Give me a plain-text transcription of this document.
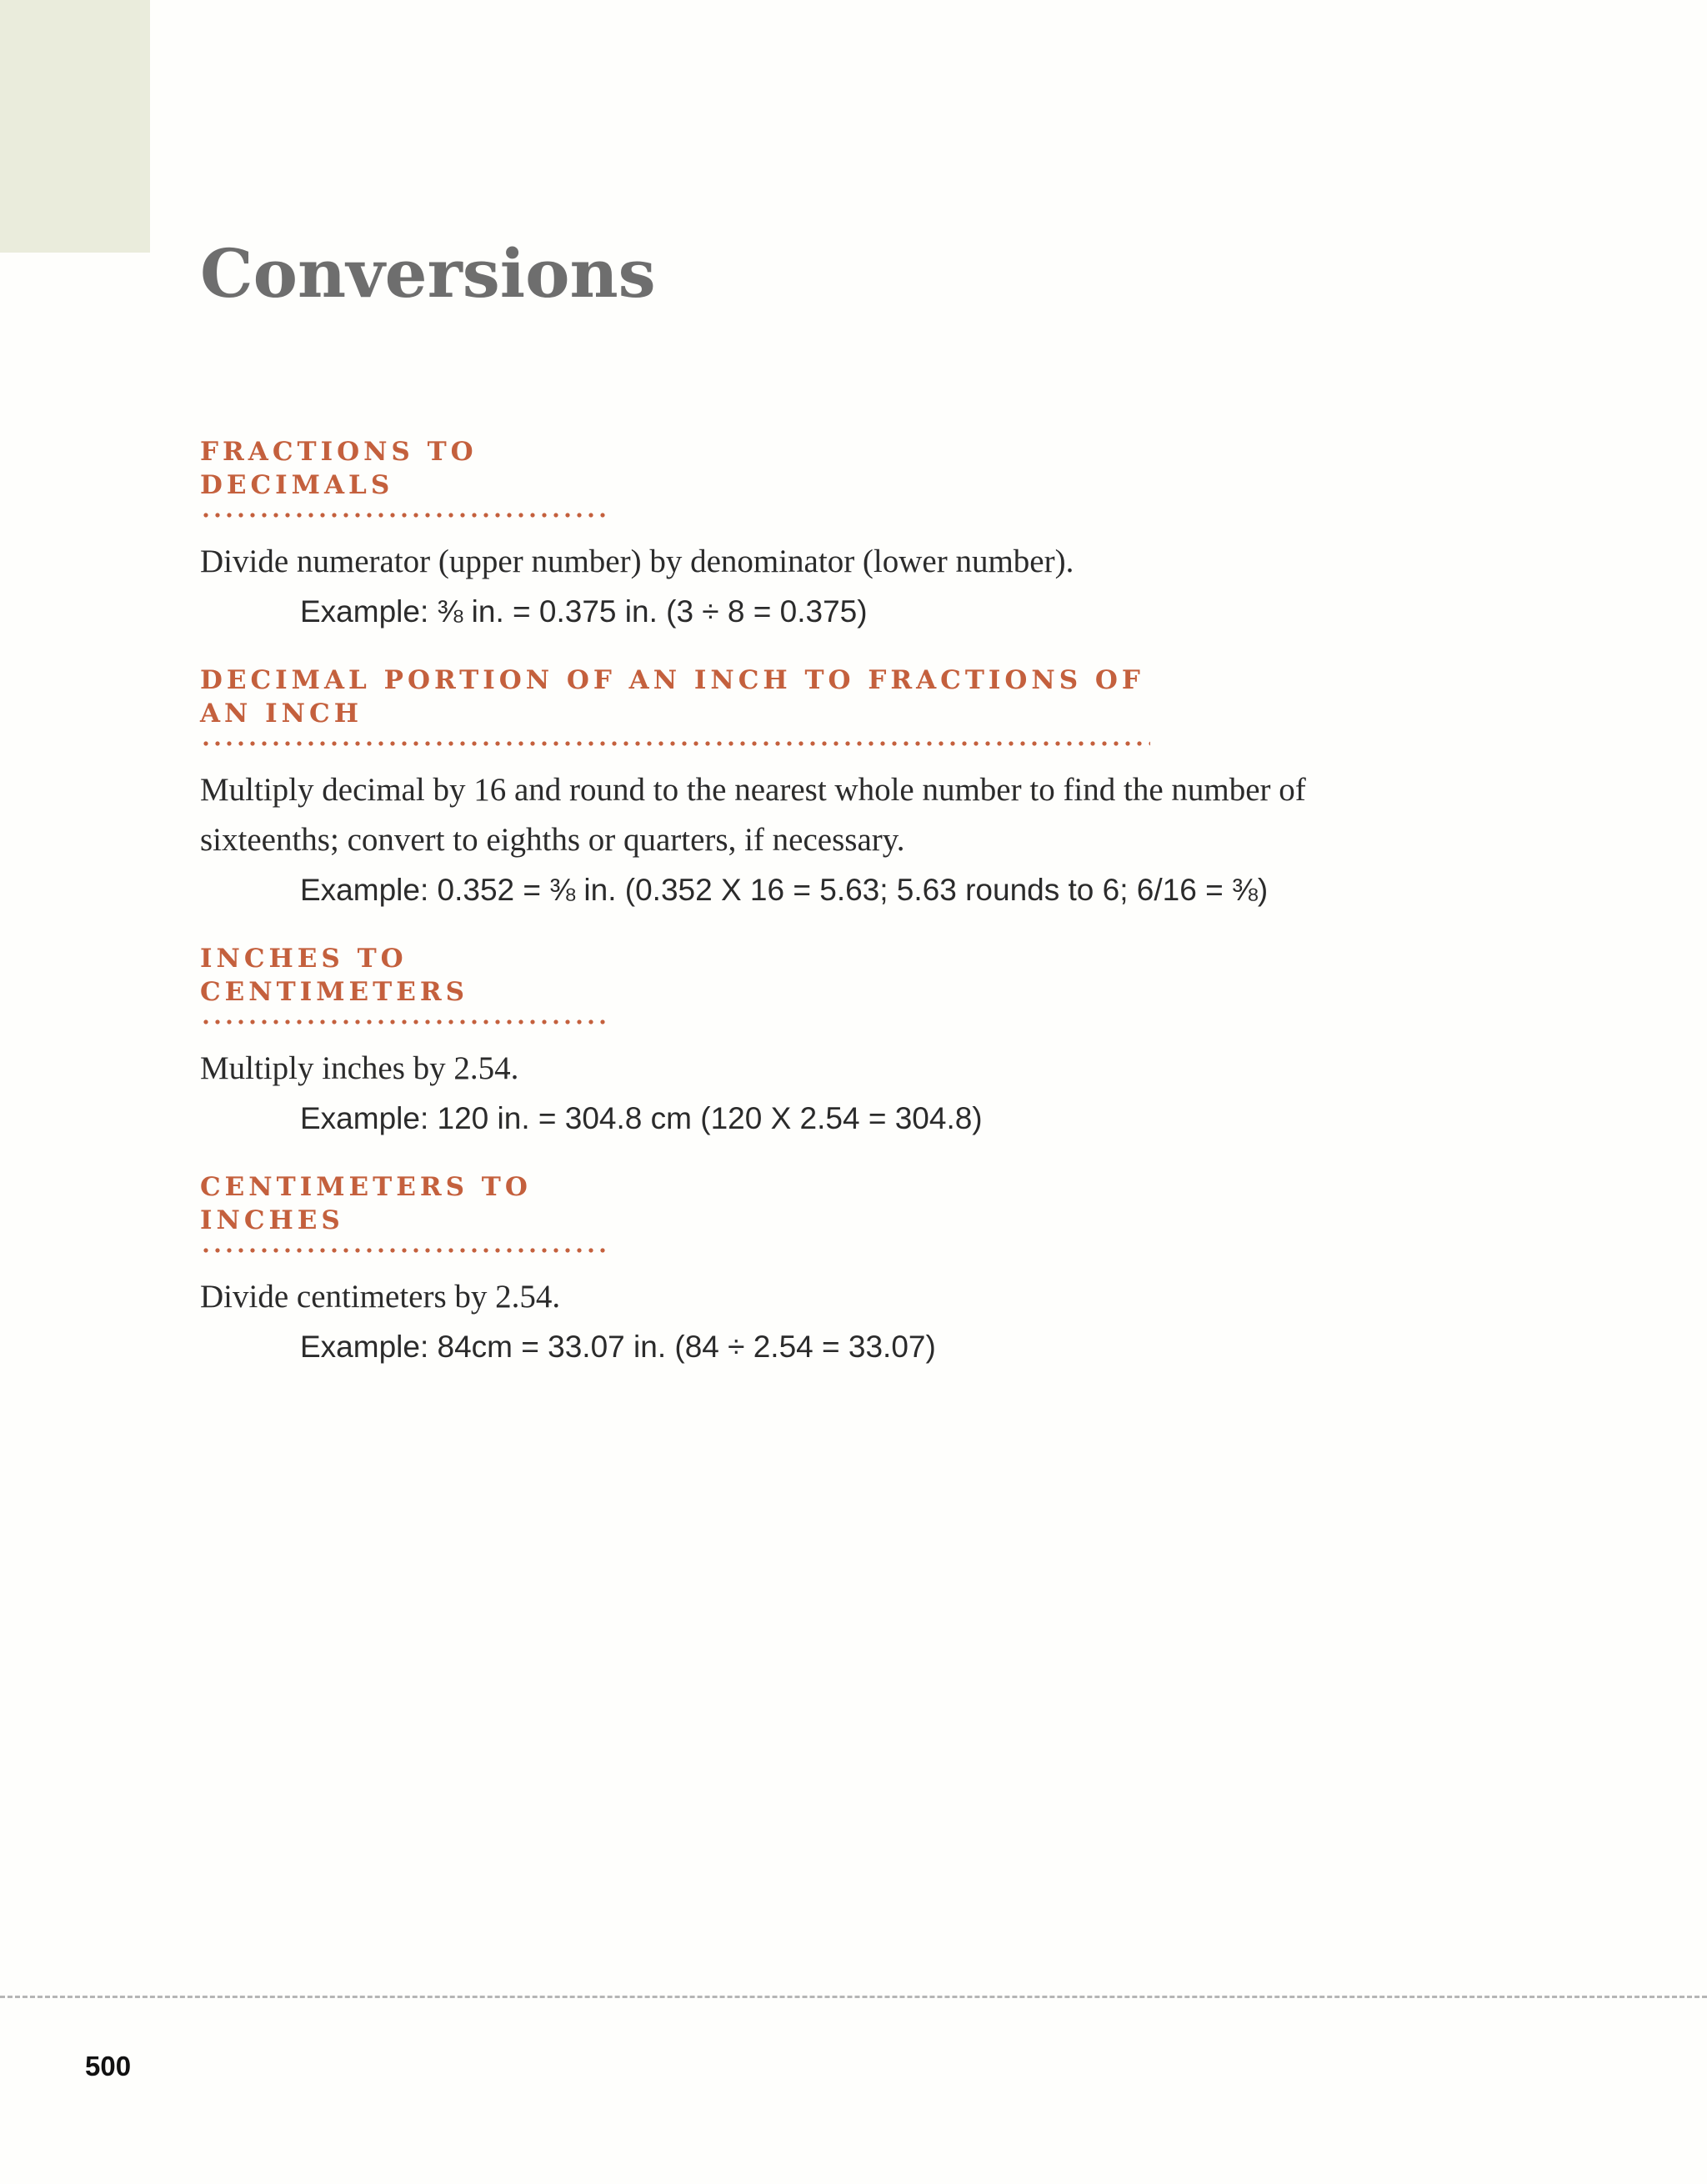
Conversions
FRACTIONS TO DECIMALS

Divide numerator (upper number) by denominator (lower number).

Example: ⅜ in. = 0.375 in. (3 ÷ 8 = 0.375)

DECIMAL PORTION OF AN INCH TO FRACTIONS OF AN INCH

Multiply decimal by 16 and round to the nearest whole number to find the number of

sixteenths; convert to eighths or quarters, if necessary.

Example: 0.352 = ⅜ in. (0.352 X 16 = 5.63; 5.63 rounds to 6; 6/16 = ⅜)

INCHES TO CENTIMETERS

Multiply inches by 2.54.

Example: 120 in. = 304.8 cm (120 X 2.54 = 304.8)

CENTIMETERS TO INCHES

Divide centimeters by 2.54.

Example: 84cm = 33.07 in. (84 ÷ 2.54 = 33.07)

500
